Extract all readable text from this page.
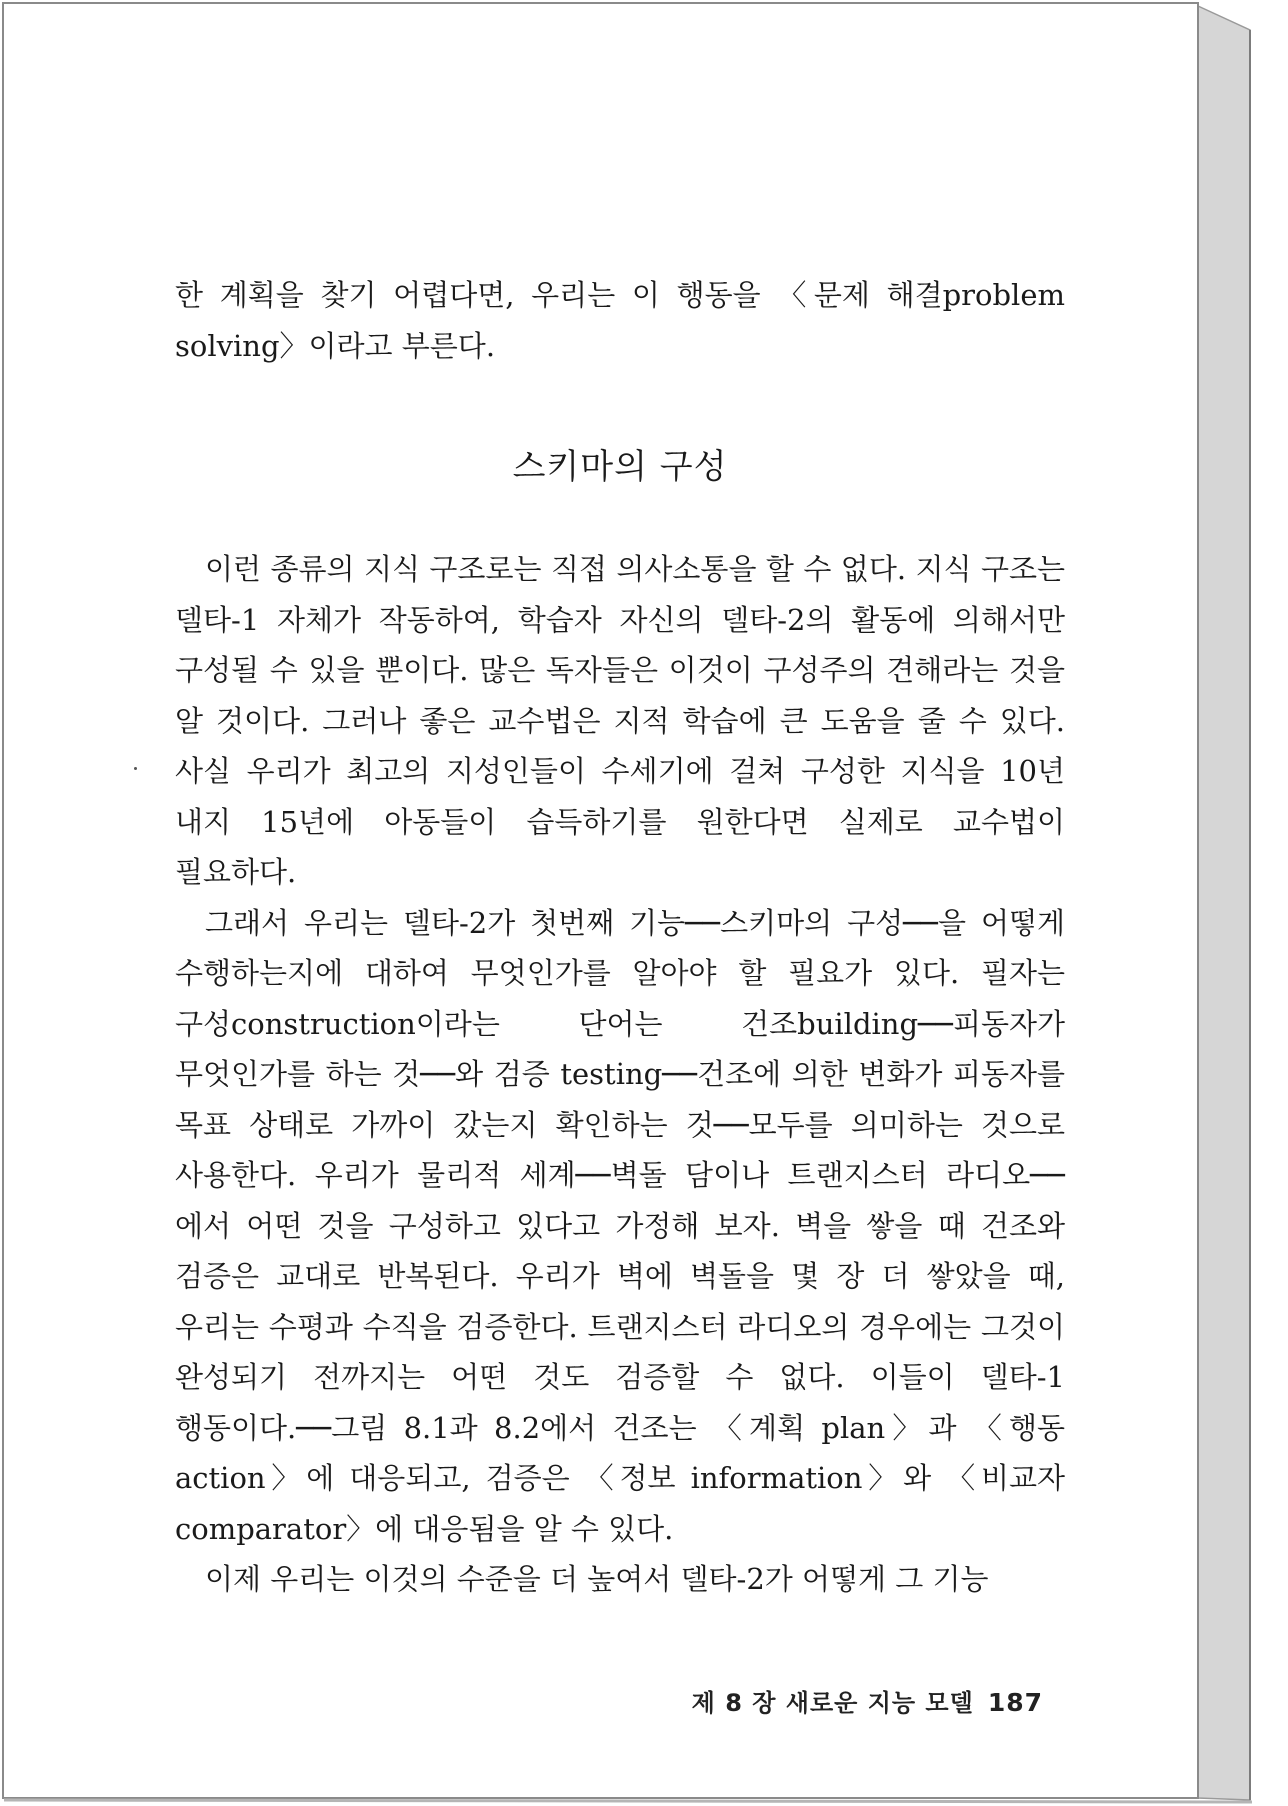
한 계획을 찾기 어렵다면, 우리는 이 행동을 〈문제 해결problem solving〉이라고 부른다.

스키마의 구성

이런 종류의 지식 구조로는 직접 의사소통을 할 수 없다. 지식 구조는 델타-1 자체가 작동하여, 학습자 자신의 델타-2의 활동에 의해서만 구성될 수 있을 뿐이다. 많은 독자들은 이것이 구성주의 견해라는 것을 알 것이다. 그러나 좋은 교수법은 지적 학습에 큰 도움을 줄 수 있다. 사실 우리가 최고의 지성인들이 수세기에 걸쳐 구성한 지식을 10년 내지 15년에 아동들이 습득하기를 원한다면 실제로 교수법이 필요하다.

그래서 우리는 델타-2가 첫번째 기능──스키마의 구성──을 어떻게 수행하는지에 대하여 무엇인가를 알아야 할 필요가 있다. 필자는 구성construction이라는 단어는 건조building──피동자가 무엇인가를 하는 것──와 검증 testing──건조에 의한 변화가 피동자를 목표 상태로 가까이 갔는지 확인하는 것──모두를 의미하는 것으로 사용한다. 우리가 물리적 세계──벽돌 담이나 트랜지스터 라디오──에서 어떤 것을 구성하고 있다고 가정해 보자. 벽을 쌓을 때 건조와 검증은 교대로 반복된다. 우리가 벽에 벽돌을 몇 장 더 쌓았을 때, 우리는 수평과 수직을 검증한다. 트랜지스터 라디오의 경우에는 그것이 완성되기 전까지는 어떤 것도 검증할 수 없다. 이들이 델타-1 행동이다.──그림 8.1과 8.2에서 건조는 〈계획 plan〉과 〈행동 action〉에 대응되고, 검증은 〈정보 information〉와 〈비교자 comparator〉에 대응됨을 알 수 있다.

이제 우리는 이것의 수준을 더 높여서 델타-2가 어떻게 그 기능

제 8 장 새로운 지능 모델 187
